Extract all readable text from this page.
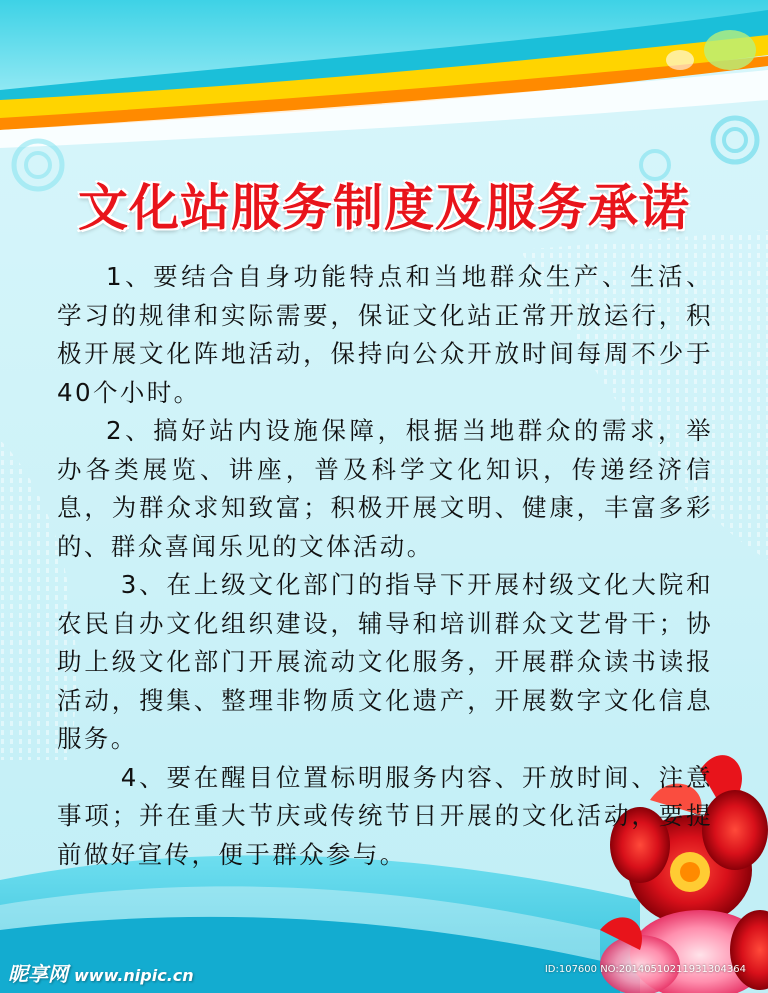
文化站服务制度及服务承诺

1、要结合自身功能特点和当地群众生产、生活、学习的规律和实际需要，保证文化站正常开放运行，积极开展文化阵地活动，保持向公众开放时间每周不少于40个小时。

2、搞好站内设施保障，根据当地群众的需求，举办各类展览、讲座，普及科学文化知识，传递经济信息，为群众求知致富；积极开展文明、健康，丰富多彩的、群众喜闻乐见的文体活动。

3、在上级文化部门的指导下开展村级文化大院和农民自办文化组织建设，辅导和培训群众文艺骨干；协助上级文化部门开展流动文化服务，开展群众读书读报活动，搜集、整理非物质文化遗产，开展数字文化信息服务。

4、要在醒目位置标明服务内容、开放时间、注意事项；并在重大节庆或传统节日开展的文化活动，要提前做好宣传，便于群众参与。

昵享网 www.nipic.cn	ID:107600 NO:20140510211931304364
